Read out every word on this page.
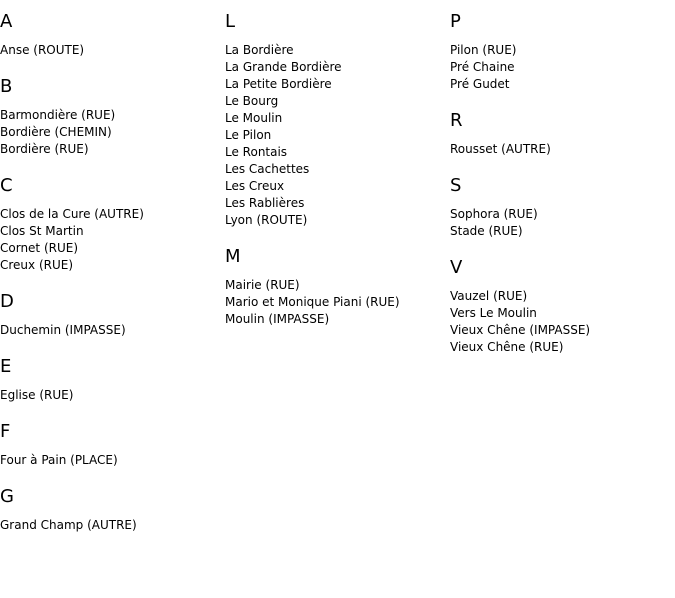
A
Anse (ROUTE)
B
Barmondière (RUE)
Bordière (CHEMIN)
Bordière (RUE)
C
Clos de la Cure (AUTRE)
Clos St Martin
Cornet (RUE)
Creux (RUE)
D
Duchemin (IMPASSE)
E
Eglise (RUE)
F
Four à Pain (PLACE)
G
Grand Champ (AUTRE)
L
La Bordière
La Grande Bordière
La Petite Bordière
Le Bourg
Le Moulin
Le Pilon
Le Rontais
Les Cachettes
Les Creux
Les Rablières
Lyon (ROUTE)
M
Mairie (RUE)
Mario et Monique Piani (RUE)
Moulin (IMPASSE)
P
Pilon (RUE)
Pré Chaine
Pré Gudet
R
Rousset (AUTRE)
S
Sophora (RUE)
Stade (RUE)
V
Vauzel (RUE)
Vers Le Moulin
Vieux Chêne (IMPASSE)
Vieux Chêne (RUE)
